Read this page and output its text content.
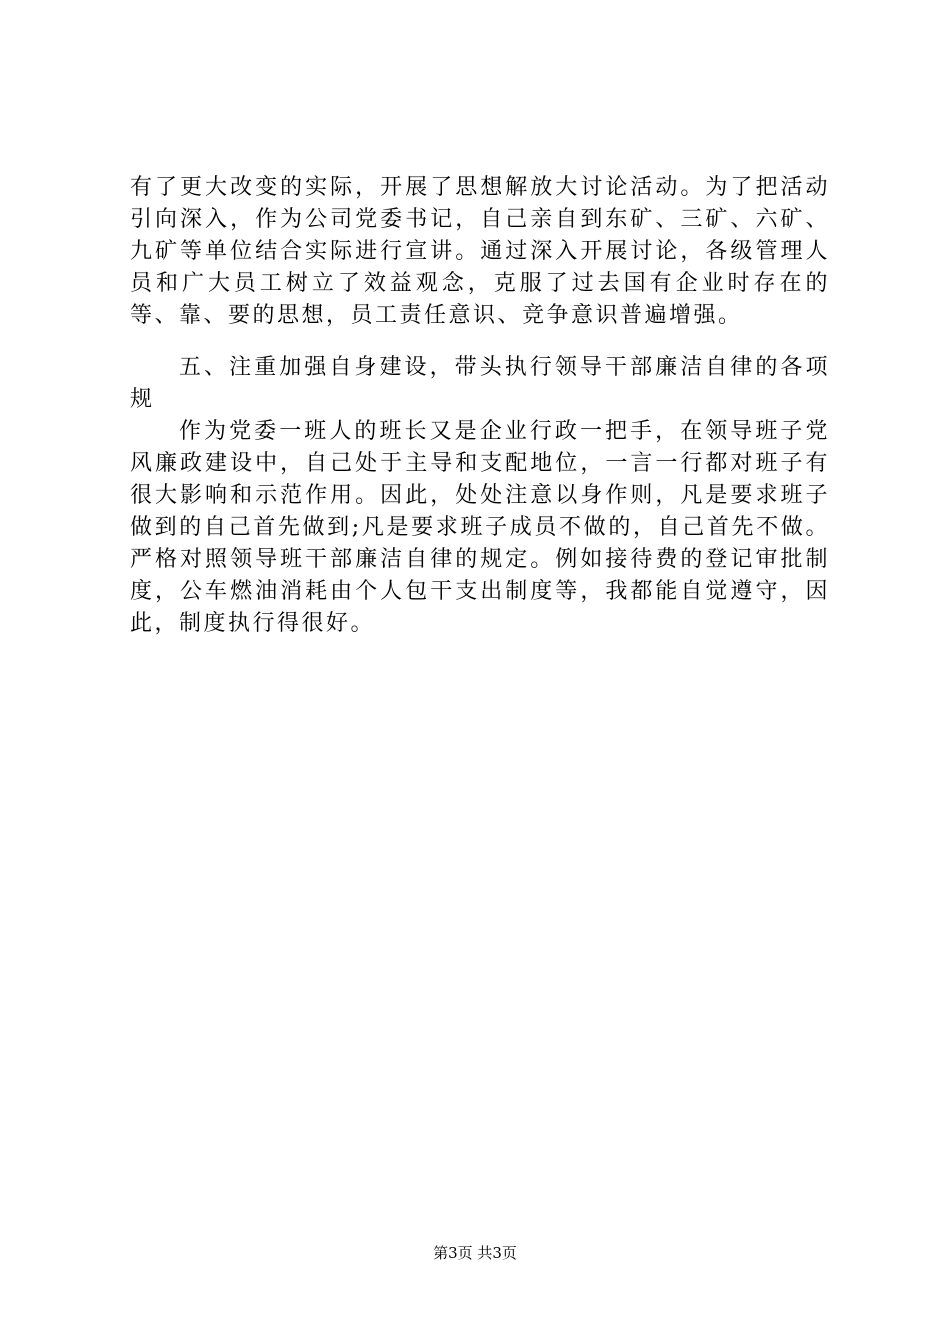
有了更大改变的实际，开展了思想解放大讨论活动。为了把活动引向深入，作为公司党委书记，自己亲自到东矿、三矿、六矿、九矿等单位结合实际进行宣讲。通过深入开展讨论，各级管理人员和广大员工树立了效益观念，克服了过去国有企业时存在的等、靠、要的思想，员工责任意识、竞争意识普遍增强。

五、注重加强自身建设，带头执行领导干部廉洁自律的各项规

作为党委一班人的班长又是企业行政一把手，在领导班子党风廉政建设中，自己处于主导和支配地位，一言一行都对班子有很大影响和示范作用。因此，处处注意以身作则，凡是要求班子做到的自己首先做到;凡是要求班子成员不做的，自己首先不做。严格对照领导班干部廉洁自律的规定。例如接待费的登记审批制度，公车燃油消耗由个人包干支出制度等，我都能自觉遵守，因此，制度执行得很好。

第3页 共3页
